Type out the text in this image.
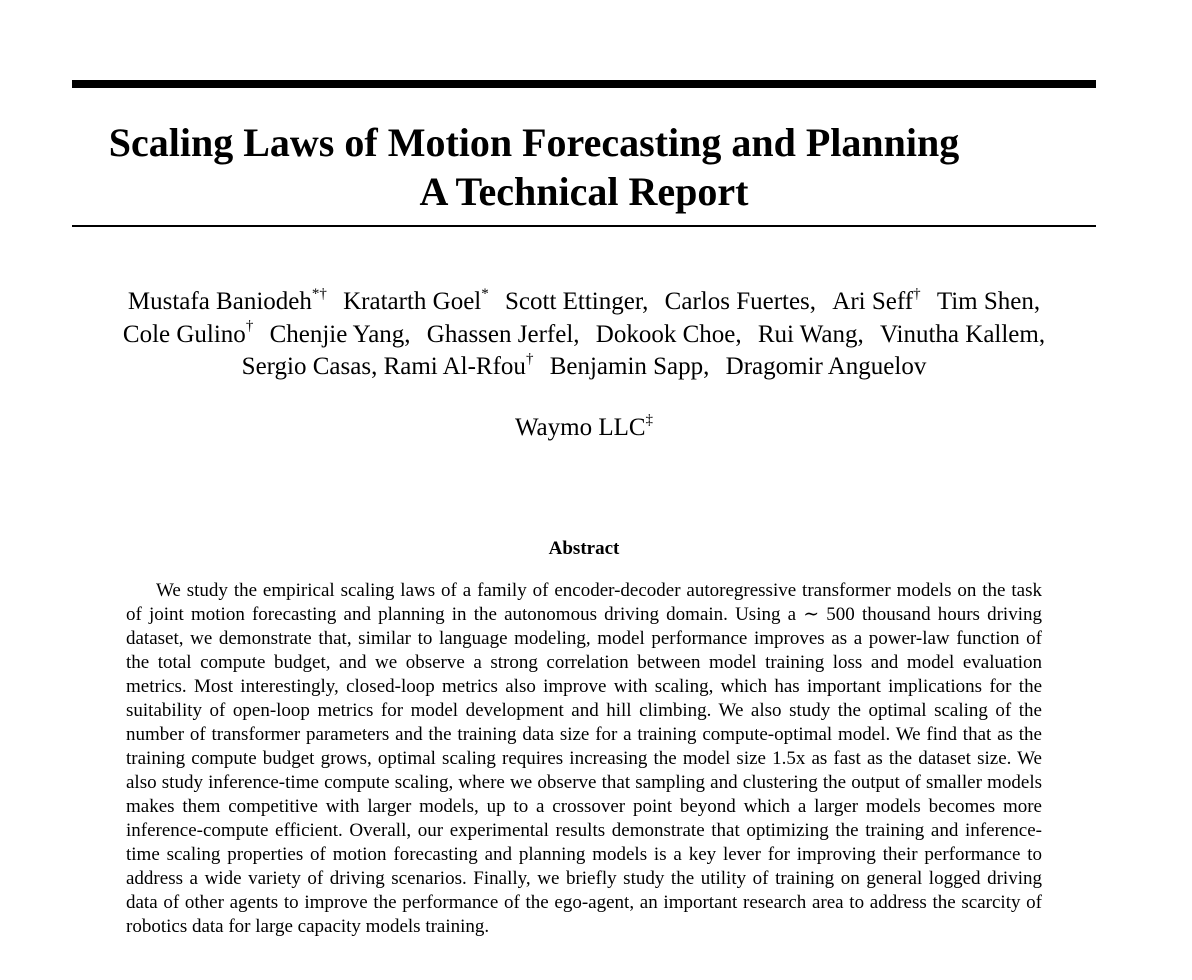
Scaling Laws of Motion Forecasting and Planning
A Technical Report
Mustafa Baniodeh*† Kratarth Goel* Scott Ettinger, Carlos Fuertes, Ari Seff† Tim Shen,
Cole Gulino† Chenjie Yang, Ghassen Jerfel, Dokook Choe, Rui Wang, Vinutha Kallem,
Sergio Casas, Rami Al-Rfou† Benjamin Sapp, Dragomir Anguelov
Waymo LLC‡
Abstract
We study the empirical scaling laws of a family of encoder-decoder autoregressive transformer models on the task of joint motion forecasting and planning in the autonomous driving domain. Using a ∼ 500 thousand hours driving dataset, we demonstrate that, similar to language modeling, model performance improves as a power-law function of the total compute budget, and we observe a strong correlation between model training loss and model evaluation metrics. Most interestingly, closed-loop metrics also improve with scaling, which has important implications for the suitability of open-loop metrics for model development and hill climbing. We also study the optimal scaling of the number of transformer parameters and the training data size for a training compute-optimal model. We find that as the training compute budget grows, optimal scaling requires increasing the model size 1.5x as fast as the dataset size. We also study inference-time compute scaling, where we observe that sampling and clustering the output of smaller models makes them competitive with larger models, up to a crossover point beyond which a larger models becomes more inference-compute efficient. Overall, our experimental results demonstrate that optimizing the training and inference-time scaling properties of motion forecasting and planning models is a key lever for improving their performance to address a wide variety of driving scenarios. Finally, we briefly study the utility of training on general logged driving data of other agents to improve the performance of the ego-agent, an important research area to address the scarcity of robotics data for large capacity models training.
